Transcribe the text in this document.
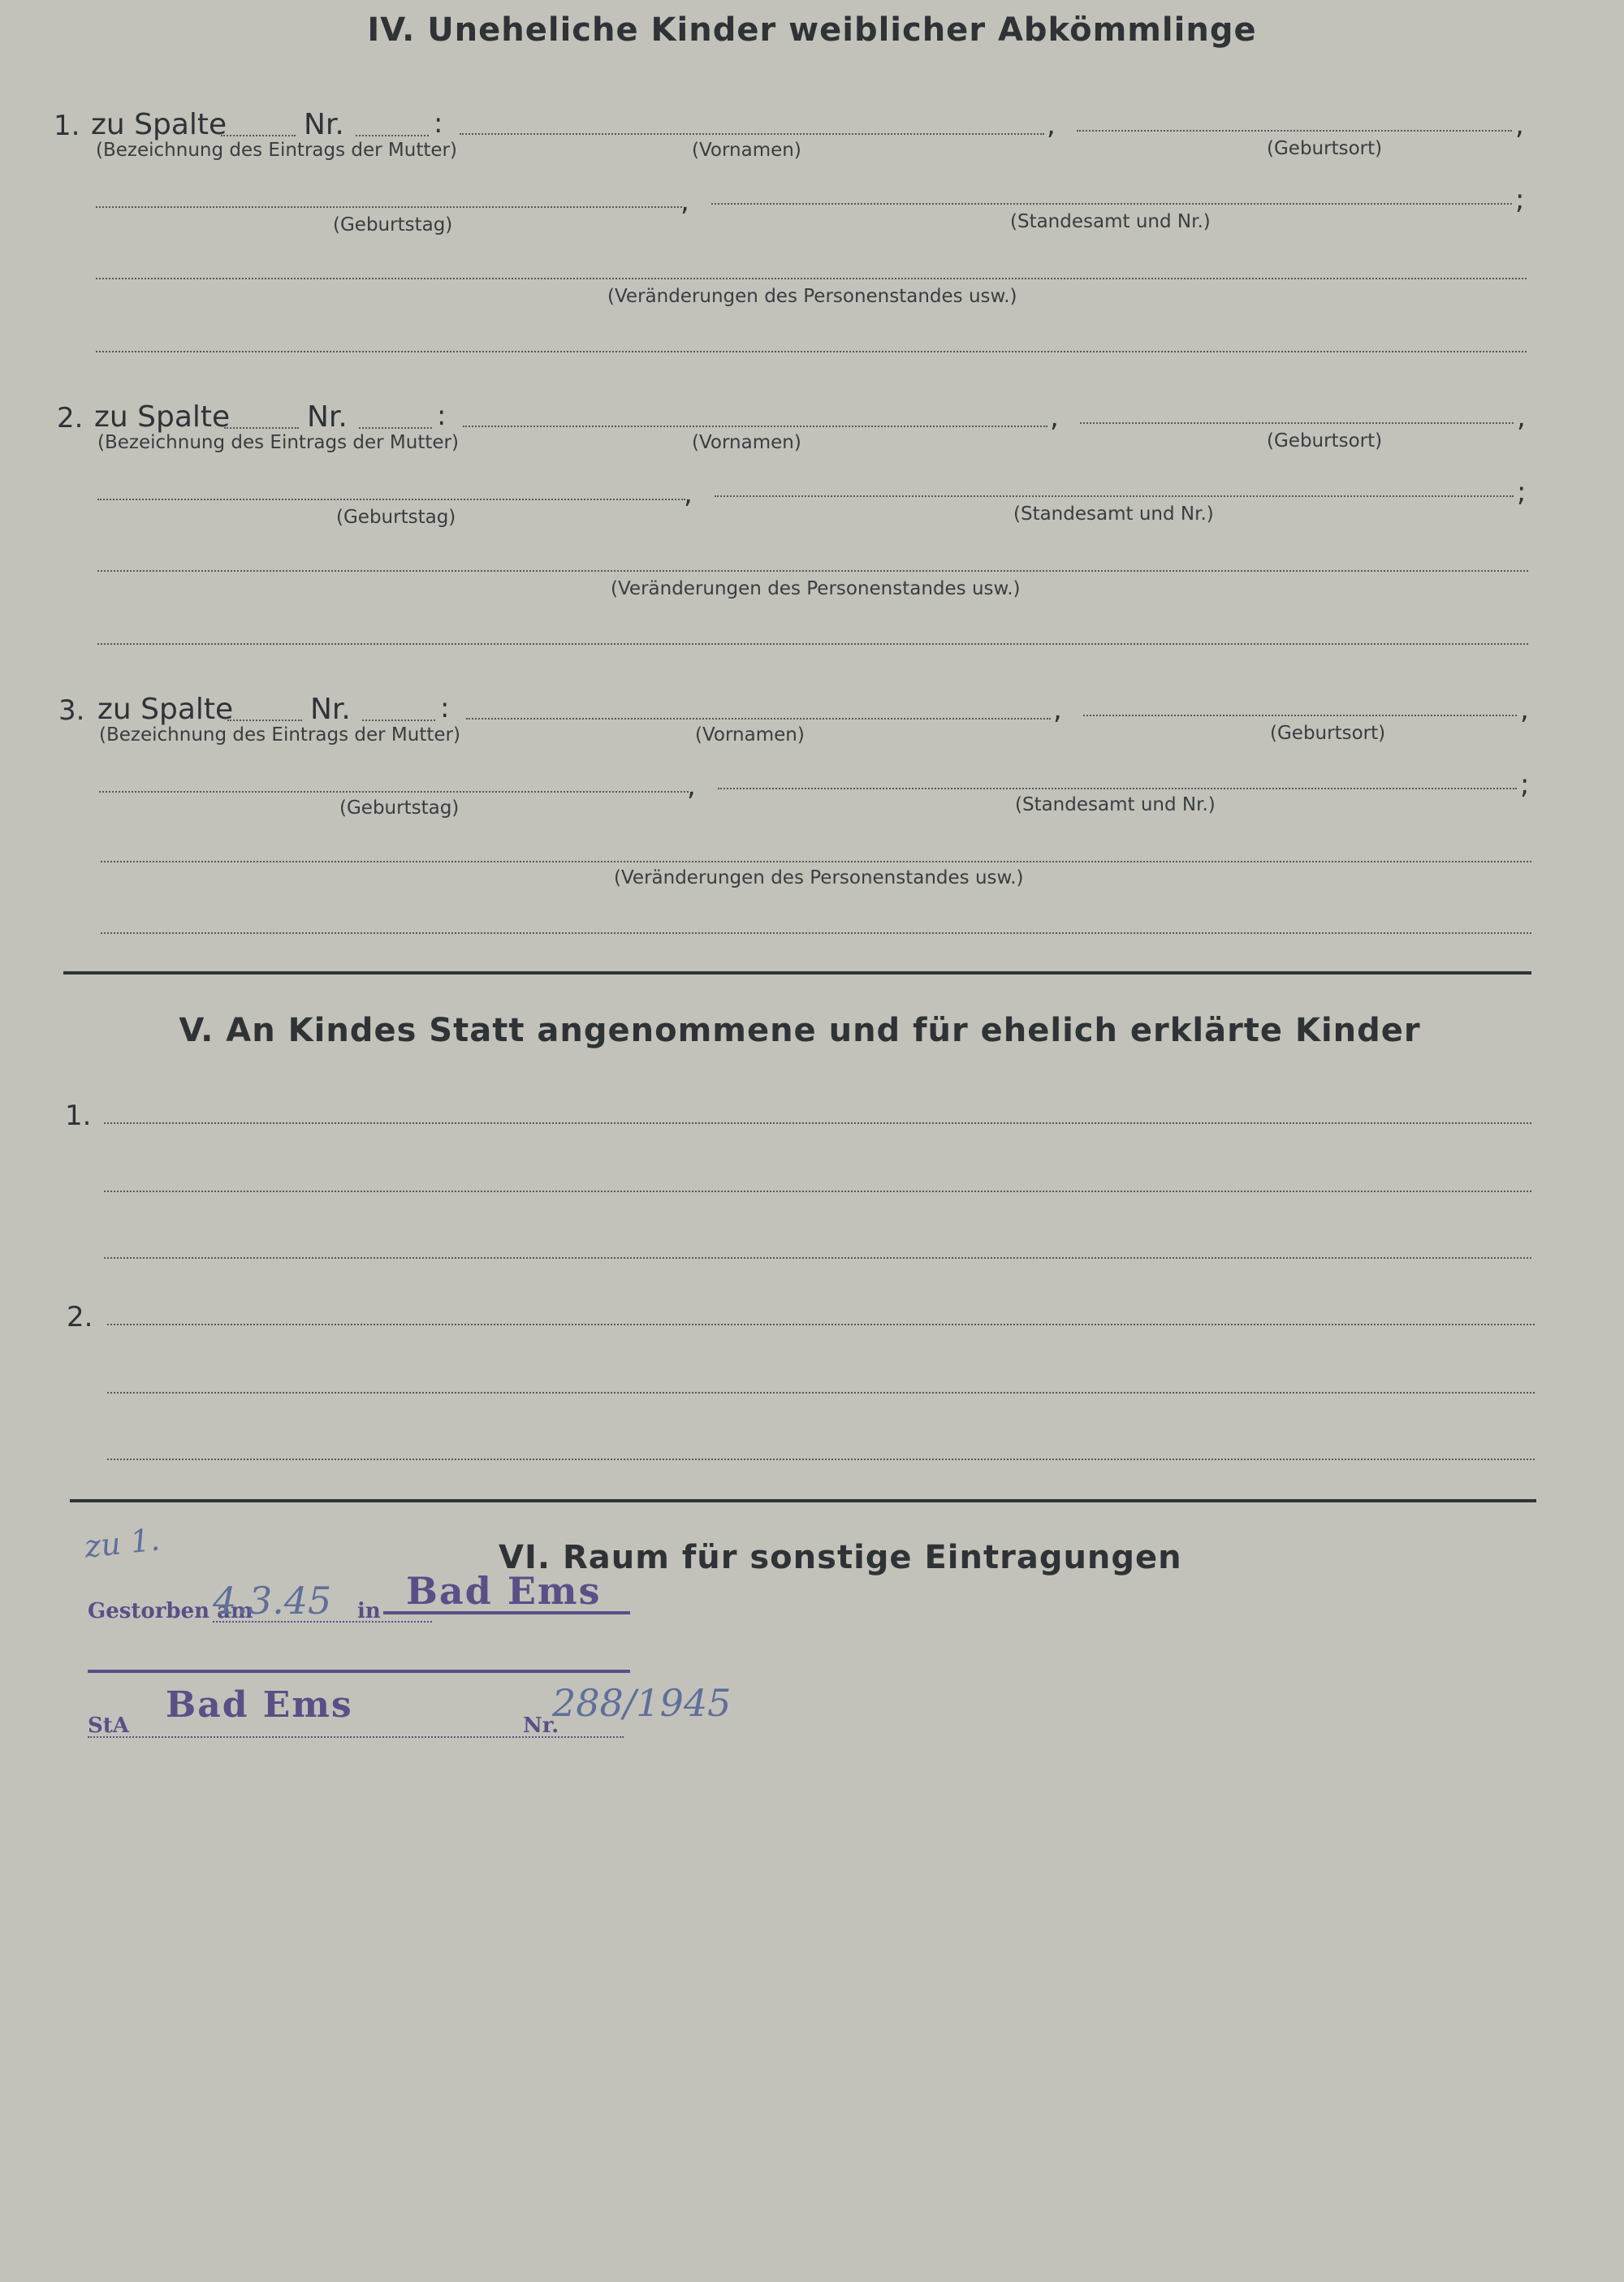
IV. Uneheliche Kinder weiblicher Abkömmlinge
1. zu Spalte	Nr.	:	,	,
(Bezeichnung des Eintrags der Mutter)	(Vornamen)	(Geburtsort)
,	;
(Geburtstag)	(Standesamt und Nr.)
(Veränderungen des Personenstandes usw.)
2. zu Spalte	Nr.	:	,	,
(Bezeichnung des Eintrags der Mutter)	(Vornamen)	(Geburtsort)
,	;
(Geburtstag)	(Standesamt und Nr.)
(Veränderungen des Personenstandes usw.)
3. zu Spalte	Nr.	:	,	,
(Bezeichnung des Eintrags der Mutter)	(Vornamen)	(Geburtsort)
,	;
(Geburtstag)	(Standesamt und Nr.)
(Veränderungen des Personenstandes usw.)
V. An Kindes Statt angenommene und für ehelich erklärte Kinder
1.
2.
VI. Raum für sonstige Eintragungen
zu 1.
Gestorben am
4.3.45 in Bad Ems
StA Bad Ems	Nr.
288/1945
